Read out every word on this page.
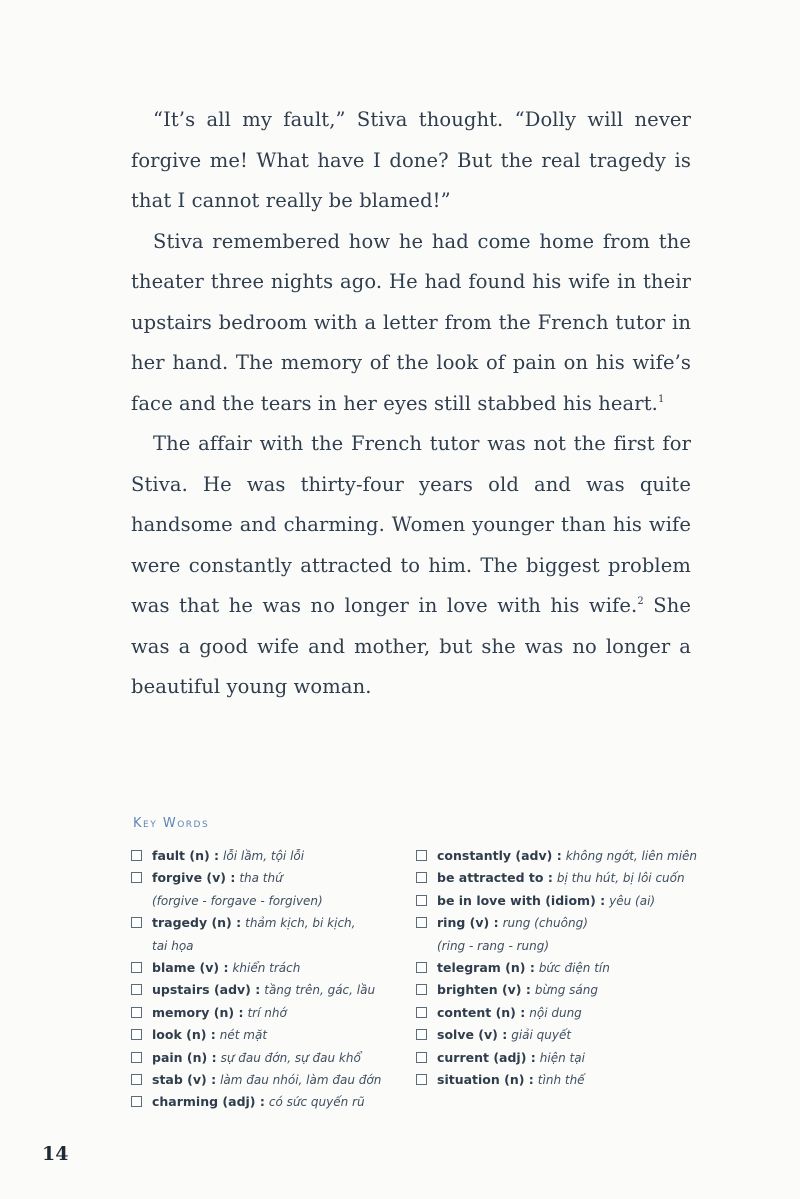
“It’s all my fault,” Stiva thought. “Dolly will never forgive me! What have I done? But the real tragedy is that I cannot really be blamed!”

Stiva remembered how he had come home from the theater three nights ago. He had found his wife in their upstairs bedroom with a letter from the French tutor in her hand. The memory of the look of pain on his wife’s face and the tears in her eyes still stabbed his heart.$^1$

The affair with the French tutor was not the first for Stiva. He was thirty-four years old and was quite handsome and charming. Women younger than his wife were constantly attracted to him. The biggest problem was that he was no longer in love with his wife.$^2$ She was a good wife and mother, but she was no longer a beautiful young woman.

Key Words
fault (n) : lỗi lầm, tội lỗi
forgive (v) : tha thứ
(forgive - forgave - forgiven)
tragedy (n) : thảm kịch, bi kịch,
tai họa
blame (v) : khiển trách
upstairs (adv) : tầng trên, gác, lầu
memory (n) : trí nhớ
look (n) : nét mặt
pain (n) : sự đau đớn, sự đau khổ
stab (v) : làm đau nhói, làm đau đớn
charming (adj) : có sức quyến rũ
constantly (adv) : không ngớt, liên miên
be attracted to : bị thu hút, bị lôi cuốn
be in love with (idiom) : yêu (ai)
ring (v) : rung (chuông)
(ring - rang - rung)
telegram (n) : bức điện tín
brighten (v) : bừng sáng
content (n) : nội dung
solve (v) : giải quyết
current (adj) : hiện tại
situation (n) : tình thế
14
